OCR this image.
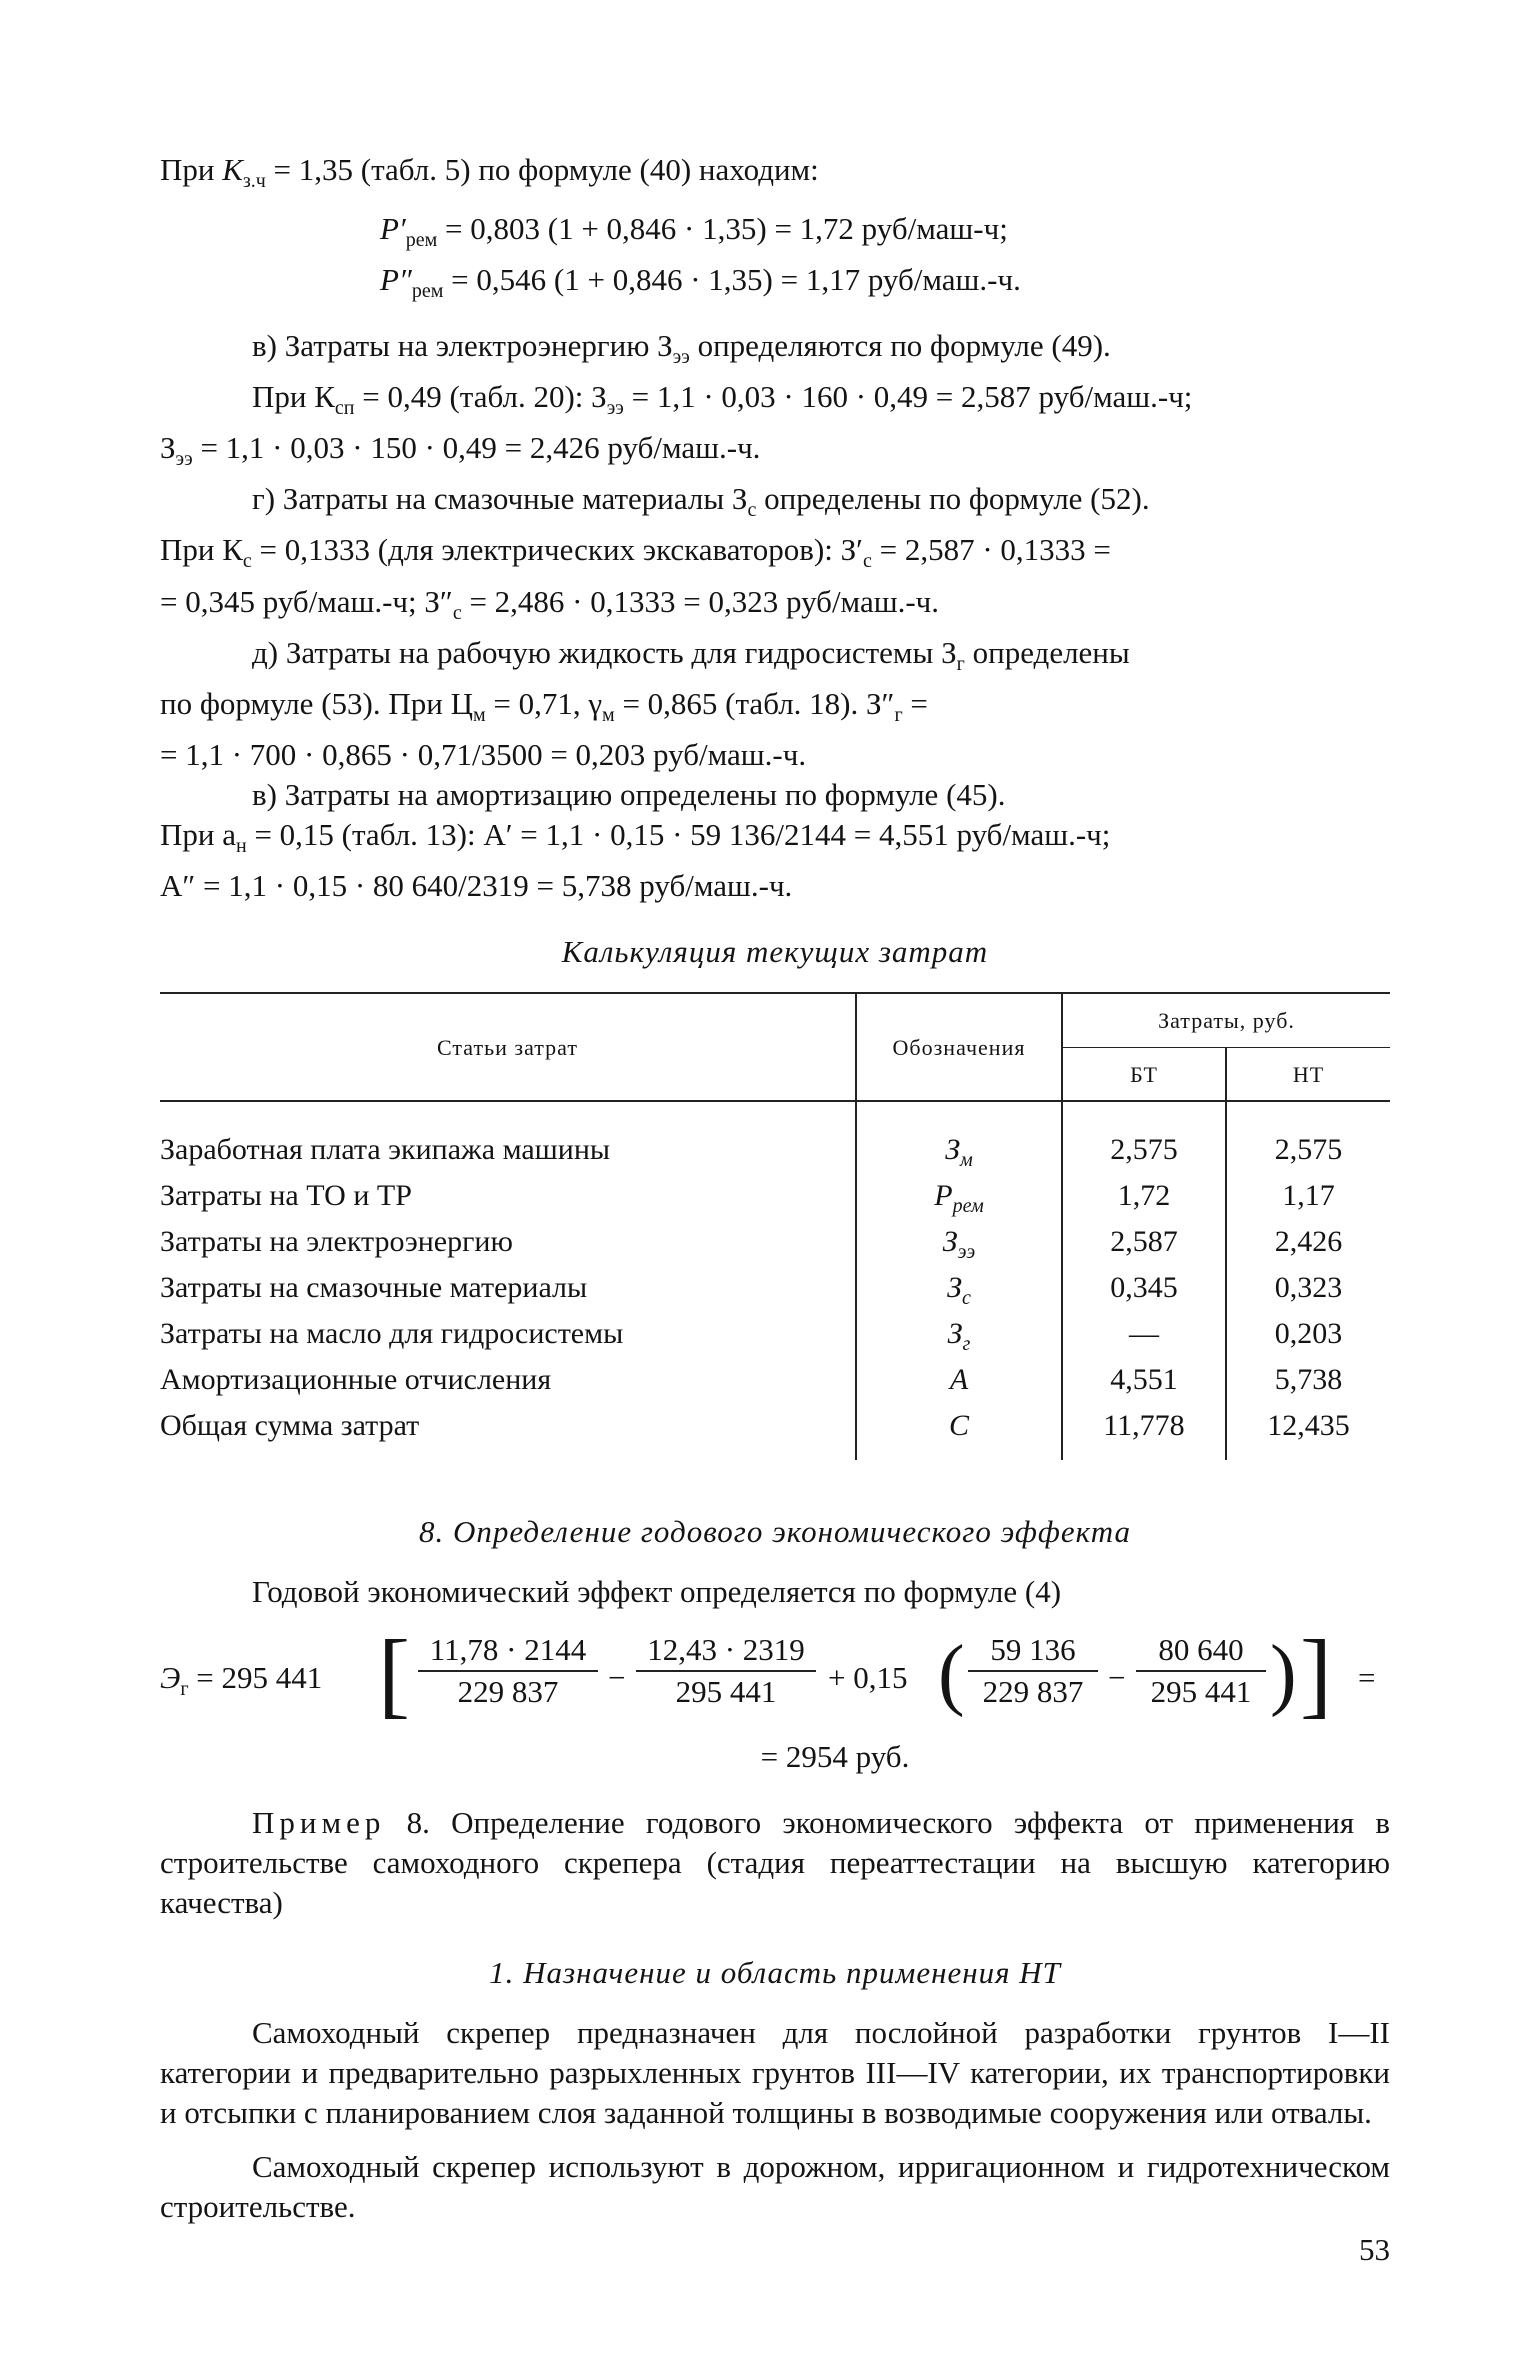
При $К_{з.ч} = 1,35$ (табл. 5) по формуле (40) находим:

$P'_{рем} = 0,803$ (1 + 0,846 · 1,35) = 1,72 руб/маш-ч;
$P''_{рем} = 0,546$ (1 + 0,846 · 1,35) = 1,17 руб/маш.-ч.

в) Затраты на электроэнергию $З_{ээ}$ определяются по формуле (49).

При $К_{сп} = 0,49$ (табл. 20): $З_{ээ} = 1,1 \cdot 0,03 \cdot 160 \cdot 0,49 = 2,587$ руб/маш.-ч;

$З_{ээ} = 1,1 \cdot 0,03 \cdot 150 \cdot 0,49 = 2,426$ руб/маш.-ч.

г) Затраты на смазочные материалы $З_с$ определены по формуле (52).

При $К_с = 0,1333$ (для электрических экскаваторов): $З'_с = 2,587 \cdot 0,1333$ =

= 0,345 руб/маш.-ч; $З''_с = 2,486 \cdot 0,1333 = 0,323$ руб/маш.-ч.

д) Затраты на рабочую жидкость для гидросистемы $З_г$ определены

по формуле (53). При $Ц_м = 0,71$, $\gamma_м = 0,865$ (табл. 18). $З''_г$ =

= 1,1 · 700 · 0,865 · 0,71/3500 = 0,203 руб/маш.-ч.

в) Затраты на амортизацию определены по формуле (45).

При $а_н = 0,15$ (табл. 13): А′ = 1,1 · 0,15 · 59 136/2144 = 4,551 руб/маш.-ч;

А″ = 1,1 · 0,15 · 80 640/2319 = 5,738 руб/маш.-ч.

Калькуляция текущих затрат
Статьи затрат	Обозначения	Затраты, руб.	
		БТ	НТ
Заработная плата экипажа машины	$З_м$	2,575	2,575
Затраты на ТО и ТР	$P_{рем}$	1,72	1,17
Затраты на электроэнергию	$З_{ээ}$	2,587	2,426
Затраты на смазочные материалы	$З_с$	0,345	0,323
Затраты на масло для гидросистемы	$З_г$	—	0,203
Амортизационные отчисления	А	4,551	5,738
Общая сумма затрат	С	11,778	12,435
8. Определение годового экономического эффекта

Годовой экономический эффект определяется по формуле (4)

$Э_г = 295$ 441 [ $\frac{11,78 \cdot 2144}{229 837} - \frac{12,43 \cdot 2319}{295 441} + 0,15$ ( $\frac{59 136}{229 837} - \frac{80 640}{295 441}$ ) ] =
= 2954 руб.

Пример 8. Определение годового экономического эффекта от применения в строительстве самоходного скрепера (стадия переаттестации на высшую категорию качества)

1. Назначение и область применения НТ

Самоходный скрепер предназначен для послойной разработки грунтов I—II категории и предварительно разрыхленных грунтов III—IV категории, их транспортировки и отсыпки с планированием слоя заданной толщины в возводимые сооружения или отвалы.

Самоходный скрепер используют в дорожном, ирригационном и гидротехническом строительстве.

53
